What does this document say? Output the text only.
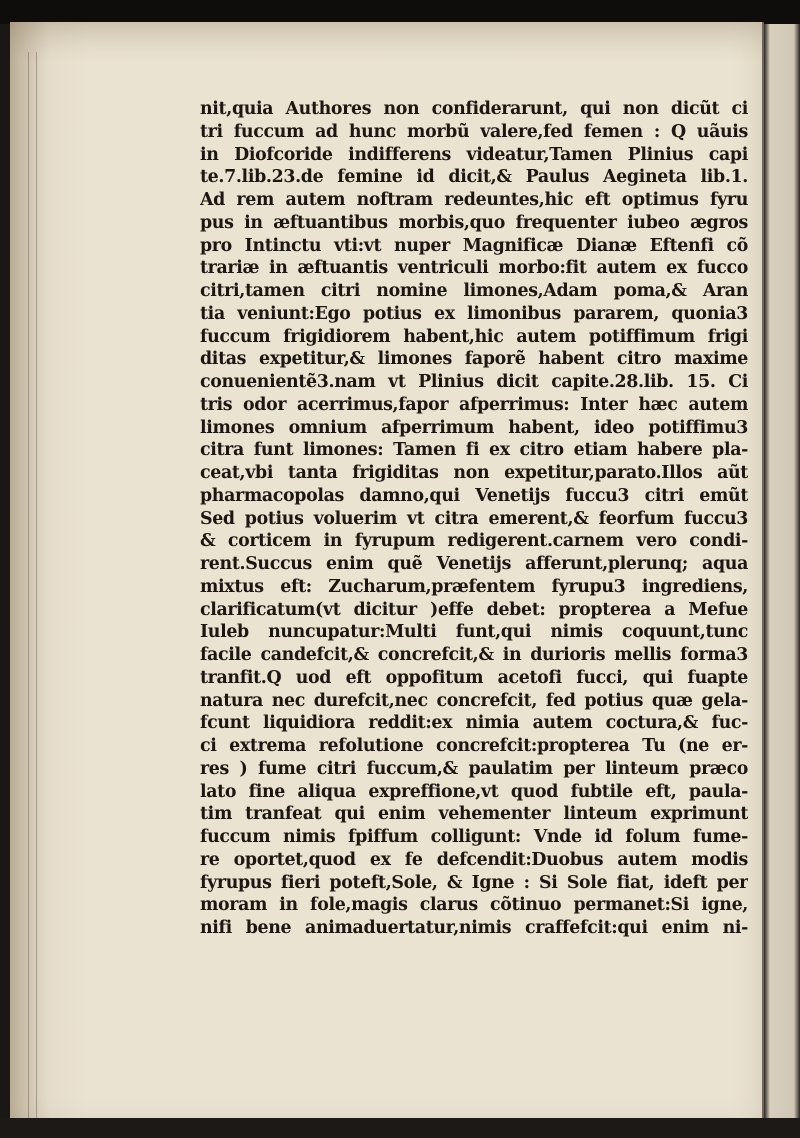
nit,quia Authores non confiderarunt, qui non dicũt ci
tri fuccum ad hunc morbũ valere,fed femen : Q uãuis
in Diofcoride indifferens videatur,Tamen Plinius capi
te.7.lib.23.de femine id dicit,& Paulus Aegineta lib.1.
Ad rem autem noftram redeuntes,hic eft optimus fyru
pus in æftuantibus morbis,quo frequenter iubeo ægros
pro Intinctu vti:vt nuper Magnificæ Dianæ Eftenfi cõ
trariæ in æftuantis ventriculi morbo:fit autem ex fucco
citri,tamen citri nomine limones,Adam poma,& Aran
tia veniunt:Ego potius ex limonibus pararem, quonia3
fuccum frigidiorem habent,hic autem potiffimum frigi
ditas expetitur,& limones faporẽ habent citro maxime
conuenientẽ3.nam vt Plinius dicit capite.28.lib. 15. Ci
tris odor acerrimus,fapor afperrimus: Inter hæc autem
limones omnium afperrimum habent, ideo potiffimu3
citra funt limones: Tamen fi ex citro etiam habere pla-
ceat,vbi tanta frigiditas non expetitur,parato.Illos aũt
pharmacopolas damno,qui Venetijs fuccu3 citri emũt
Sed potius voluerim vt citra emerent,& feorfum fuccu3
& corticem in fyrupum redigerent.carnem vero condi-
rent.Succus enim quẽ Venetijs afferunt,plerunq; aqua
mixtus eft: Zucharum,præfentem fyrupu3 ingrediens,
clarificatum(vt dicitur )effe debet: propterea a Mefue
Iuleb nuncupatur:Multi funt,qui nimis coquunt,tunc
facile candefcit,& concrefcit,& in durioris mellis forma3
tranfit.Q uod eft oppofitum acetofi fucci, qui fuapte
natura nec durefcit,nec concrefcit, fed potius quæ gela-
fcunt liquidiora reddit:ex nimia autem coctura,& fuc-
ci extrema refolutione concrefcit:propterea Tu (ne er-
res ) fume citri fuccum,& paulatim per linteum præco
lato fine aliqua expreffione,vt quod fubtile eft, paula-
tim tranfeat qui enim vehementer linteum exprimunt
fuccum nimis fpiffum colligunt: Vnde id folum fume-
re oportet,quod ex fe defcendit:Duobus autem modis
fyrupus fieri poteft,Sole, & Igne : Si Sole fiat, ideft per
moram in fole,magis clarus cõtinuo permanet:Si igne,
nifi bene animaduertatur,nimis craffefcit:qui enim ni-
